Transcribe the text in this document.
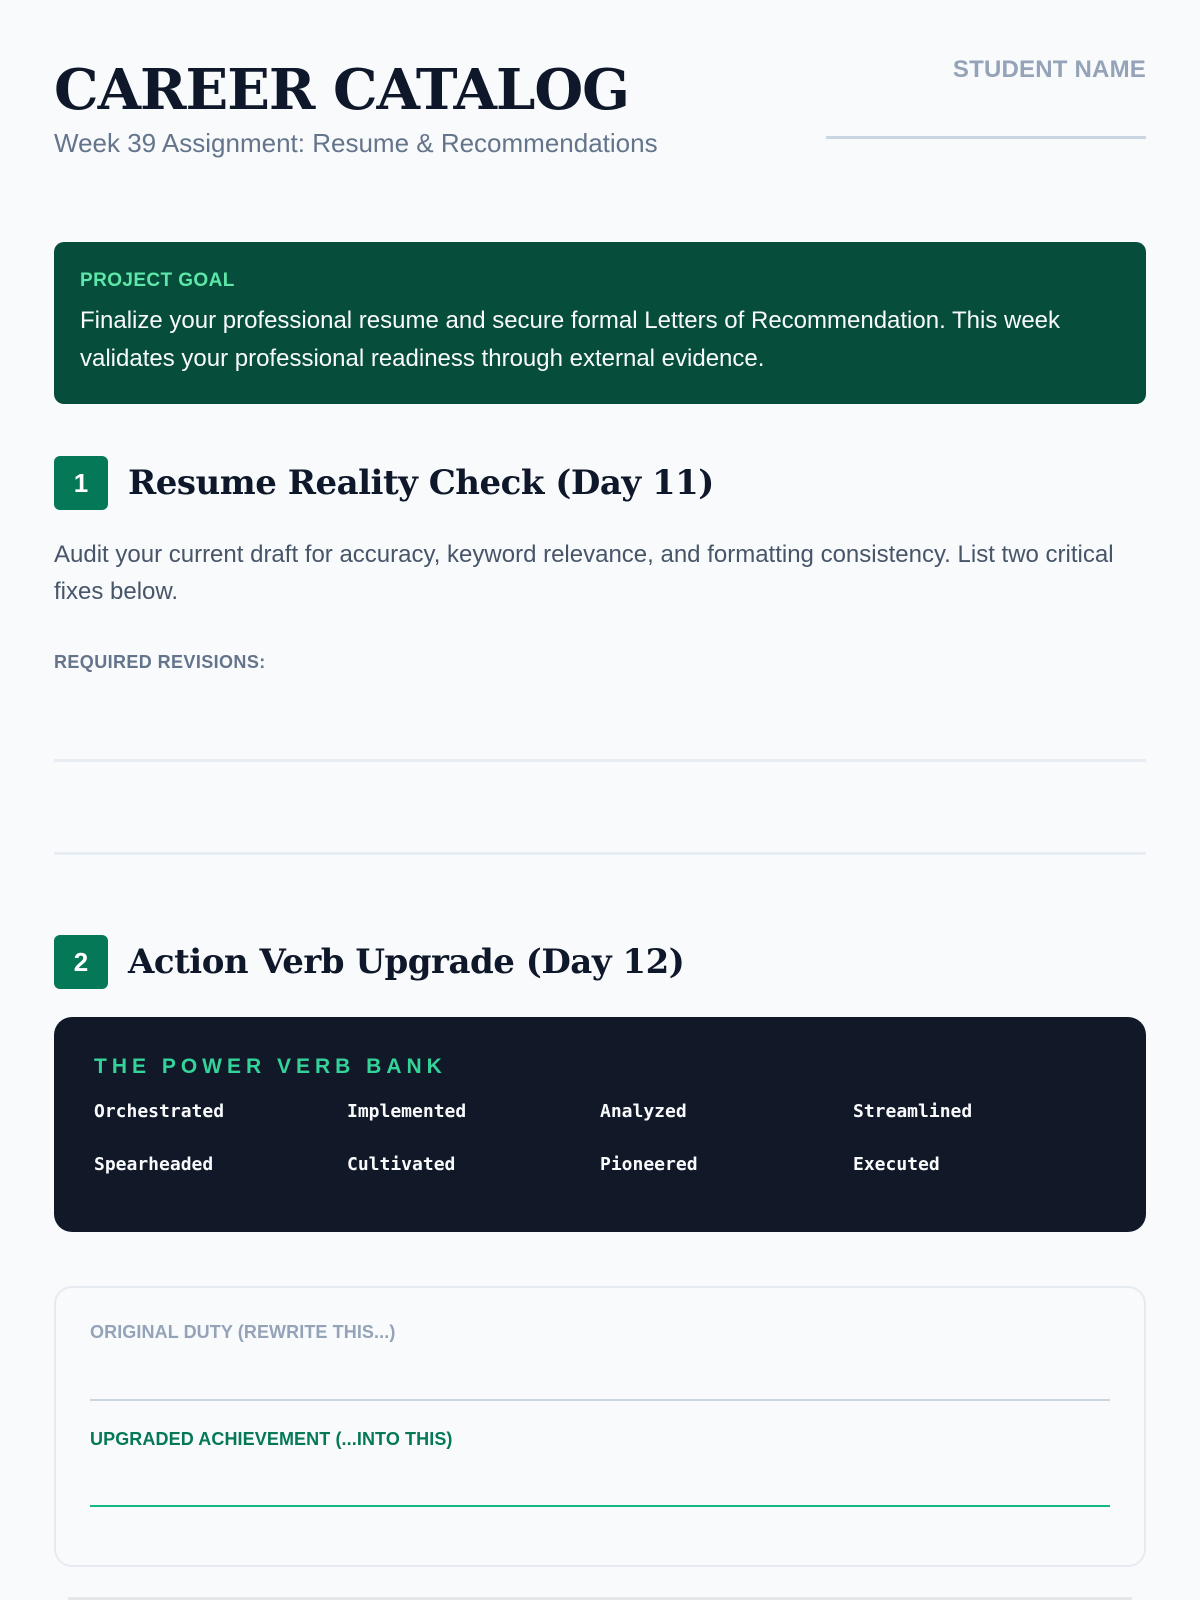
CAREER CATALOG
Week 39 Assignment: Resume & Recommendations
STUDENT NAME
PROJECT GOAL
Finalize your professional resume and secure formal Letters of Recommendation. This week validates your professional readiness through external evidence.
1	Resume Reality Check (Day 11)
Audit your current draft for accuracy, keyword relevance, and formatting consistency. List two critical fixes below.
REQUIRED REVISIONS:
2	Action Verb Upgrade (Day 12)
THE POWER VERB BANK
Orchestrated	Implemented	Analyzed	Streamlined
Spearheaded	Cultivated	Pioneered	Executed
ORIGINAL DUTY (REWRITE THIS...)
UPGRADED ACHIEVEMENT (...INTO THIS)
